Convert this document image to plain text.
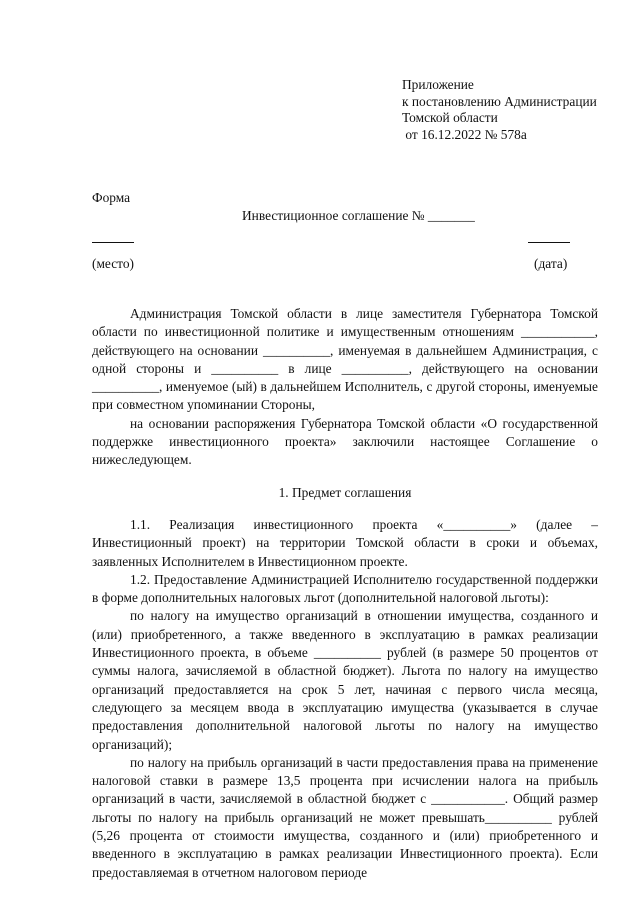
Приложение
к постановлению Администрации
Томской области
от 16.12.2022 № 578а
Форма
Инвестиционное соглашение № _______
(место)	(дата)

Администрация Томской области в лице заместителя Губернатора Томской области по инвестиционной политике и имущественным отношениям ___________, действующего на основании __________, именуемая в дальнейшем Администрация, с одной стороны и __________ в лице __________, действующего на основании __________, именуемое (ый) в дальнейшем Исполнитель, с другой стороны, именуемые при совместном упоминании Стороны,

на основании распоряжения Губернатора Томской области «О государственной поддержке инвестиционного проекта» заключили настоящее Соглашение о нижеследующем.

1. Предмет соглашения

1.1. Реализация инвестиционного проекта «__________» (далее – Инвестиционный проект) на территории Томской области в сроки и объемах, заявленных Исполнителем в Инвестиционном проекте.

1.2. Предоставление Администрацией Исполнителю государственной поддержки в форме дополнительных налоговых льгот (дополнительной налоговой льготы):

по налогу на имущество организаций в отношении имущества, созданного и (или) приобретенного, а также введенного в эксплуатацию в рамках реализации Инвестиционного проекта, в объеме __________ рублей (в размере 50 процентов от суммы налога, зачисляемой в областной бюджет). Льгота по налогу на имущество организаций предоставляется на срок 5 лет, начиная с первого числа месяца, следующего за месяцем ввода в эксплуатацию имущества (указывается в случае предоставления дополнительной налоговой льготы по налогу на имущество организаций);

по налогу на прибыль организаций в части предоставления права на применение налоговой ставки в размере 13,5 процента при исчислении налога на прибыль организаций в части, зачисляемой в областной бюджет с ___________. Общий размер льготы по налогу на прибыль организаций не может превышать__________ рублей (5,26 процента от стоимости имущества, созданного и (или) приобретенного и введенного в эксплуатацию в рамках реализации Инвестиционного проекта). Если предоставляемая в отчетном налоговом периоде
